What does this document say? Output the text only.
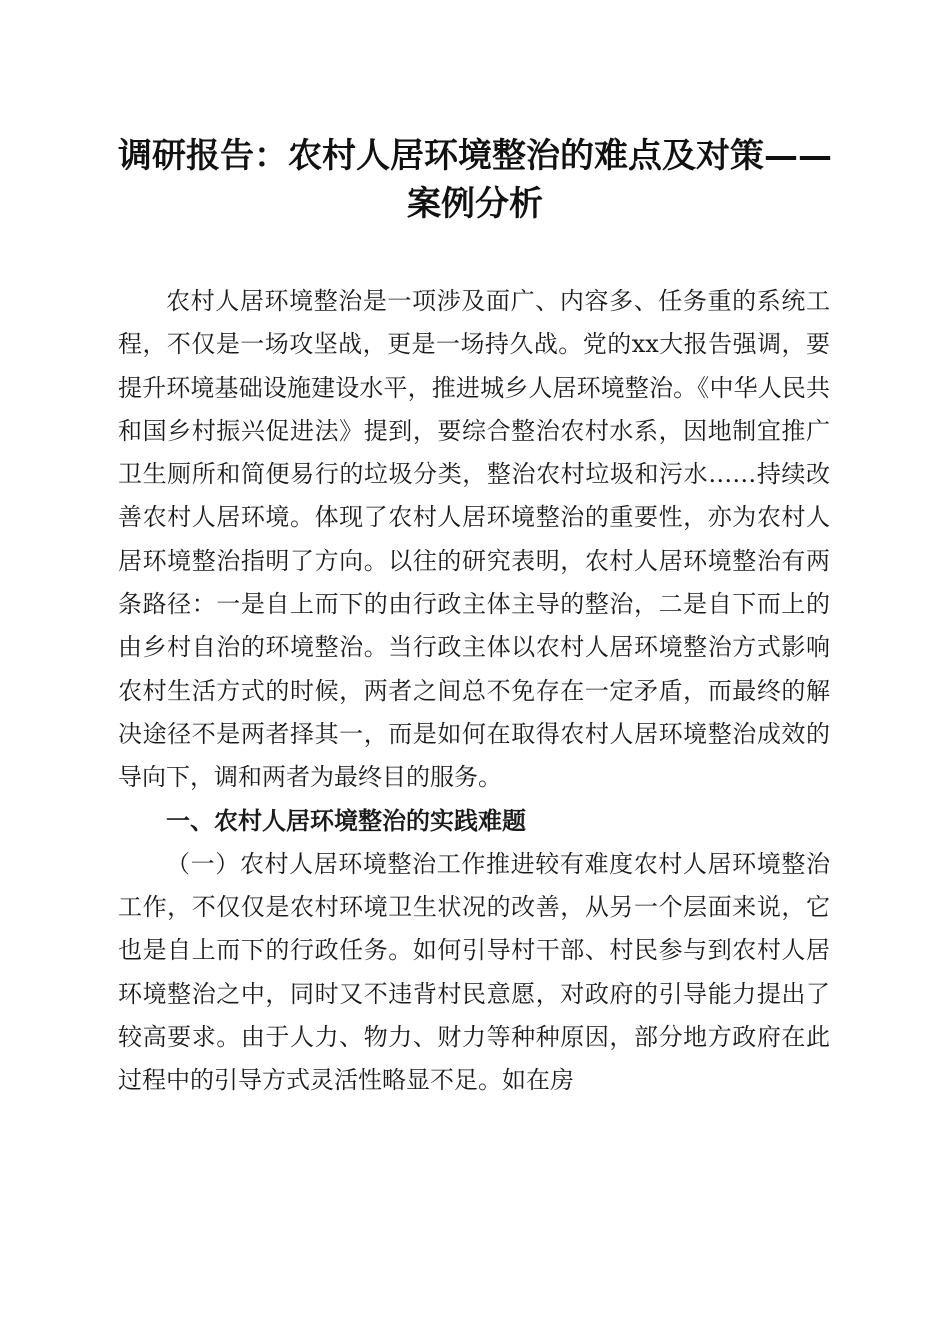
调研报告：农村人居环境整治的难点及对策——案例分析

农村人居环境整治是一项涉及面广、内容多、任务重的系统工程，不仅是一场攻坚战，更是一场持久战。党的xx大报告强调，要提升环境基础设施建设水平，推进城乡人居环境整治。《中华人民共和国乡村振兴促进法》提到，要综合整治农村水系，因地制宜推广卫生厕所和简便易行的垃圾分类，整治农村垃圾和污水……持续改善农村人居环境。体现了农村人居环境整治的重要性，亦为农村人居环境整治指明了方向。以往的研究表明，农村人居环境整治有两条路径：一是自上而下的由行政主体主导的整治，二是自下而上的由乡村自治的环境整治。当行政主体以农村人居环境整治方式影响农村生活方式的时候，两者之间总不免存在一定矛盾，而最终的解决途径不是两者择其一，而是如何在取得农村人居环境整治成效的导向下，调和两者为最终目的服务。

一、农村人居环境整治的实践难题

（一）农村人居环境整治工作推进较有难度农村人居环境整治工作，不仅仅是农村环境卫生状况的改善，从另一个层面来说，它也是自上而下的行政任务。如何引导村干部、村民参与到农村人居环境整治之中，同时又不违背村民意愿，对政府的引导能力提出了较高要求。由于人力、物力、财力等种种原因，部分地方政府在此过程中的引导方式灵活性略显不足。如在房
